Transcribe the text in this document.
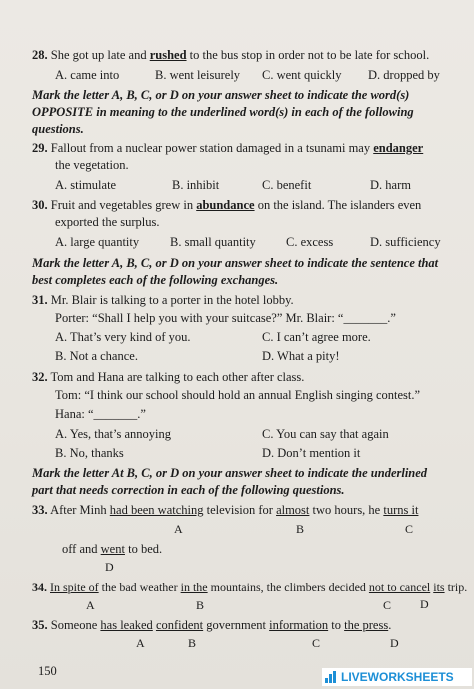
28. She got up late and rushed to the bus stop in order not to be late for school.
A. came into	B. went leisurely C. went quickly D. dropped by
Mark the letter A, B, C, or D on your answer sheet to indicate the word(s)
OPPOSITE in meaning to the underlined word(s) in each of the following
questions.
29. Fallout from a nuclear power station damaged in a tsunami may endanger
the vegetation.
A. stimulate	B. inhibit	C. benefit	D. harm
30. Fruit and vegetables grew in abundance on the island. The islanders even
exported the surplus.
A. large quantity B. small quantity C. excess	D. sufficiency
Mark the letter A, B, C, or D on your answer sheet to indicate the sentence that
best completes each of the following exchanges.
31. Mr. Blair is talking to a porter in the hotel lobby.
Porter: “Shall I help you with your suitcase?” Mr. Blair: “_______.”
A. That’s very kind of you.	C. I can’t agree more.
B. Not a chance.	D. What a pity!
32. Tom and Hana are talking to each other after class.
Tom: “I think our school should hold an annual English singing contest.”
Hana: “_______.”
A. Yes, that’s annoying	C. You can say that again
B. No, thanks	D. Don’t mention it
Mark the letter At B, C, or D on your answer sheet to indicate the underlined
part that needs correction in each of the following questions.
33. After Minh had been watching television for almost two hours, he turns it
A	B	C
off and went to bed.
D
34. In spite of the bad weather in the mountains, the climbers decided not to cancel its trip.
A	B	C D
35. Someone has leaked confident government information to the press.
A	B	C	D
150	LIVEWORKSHEETS
